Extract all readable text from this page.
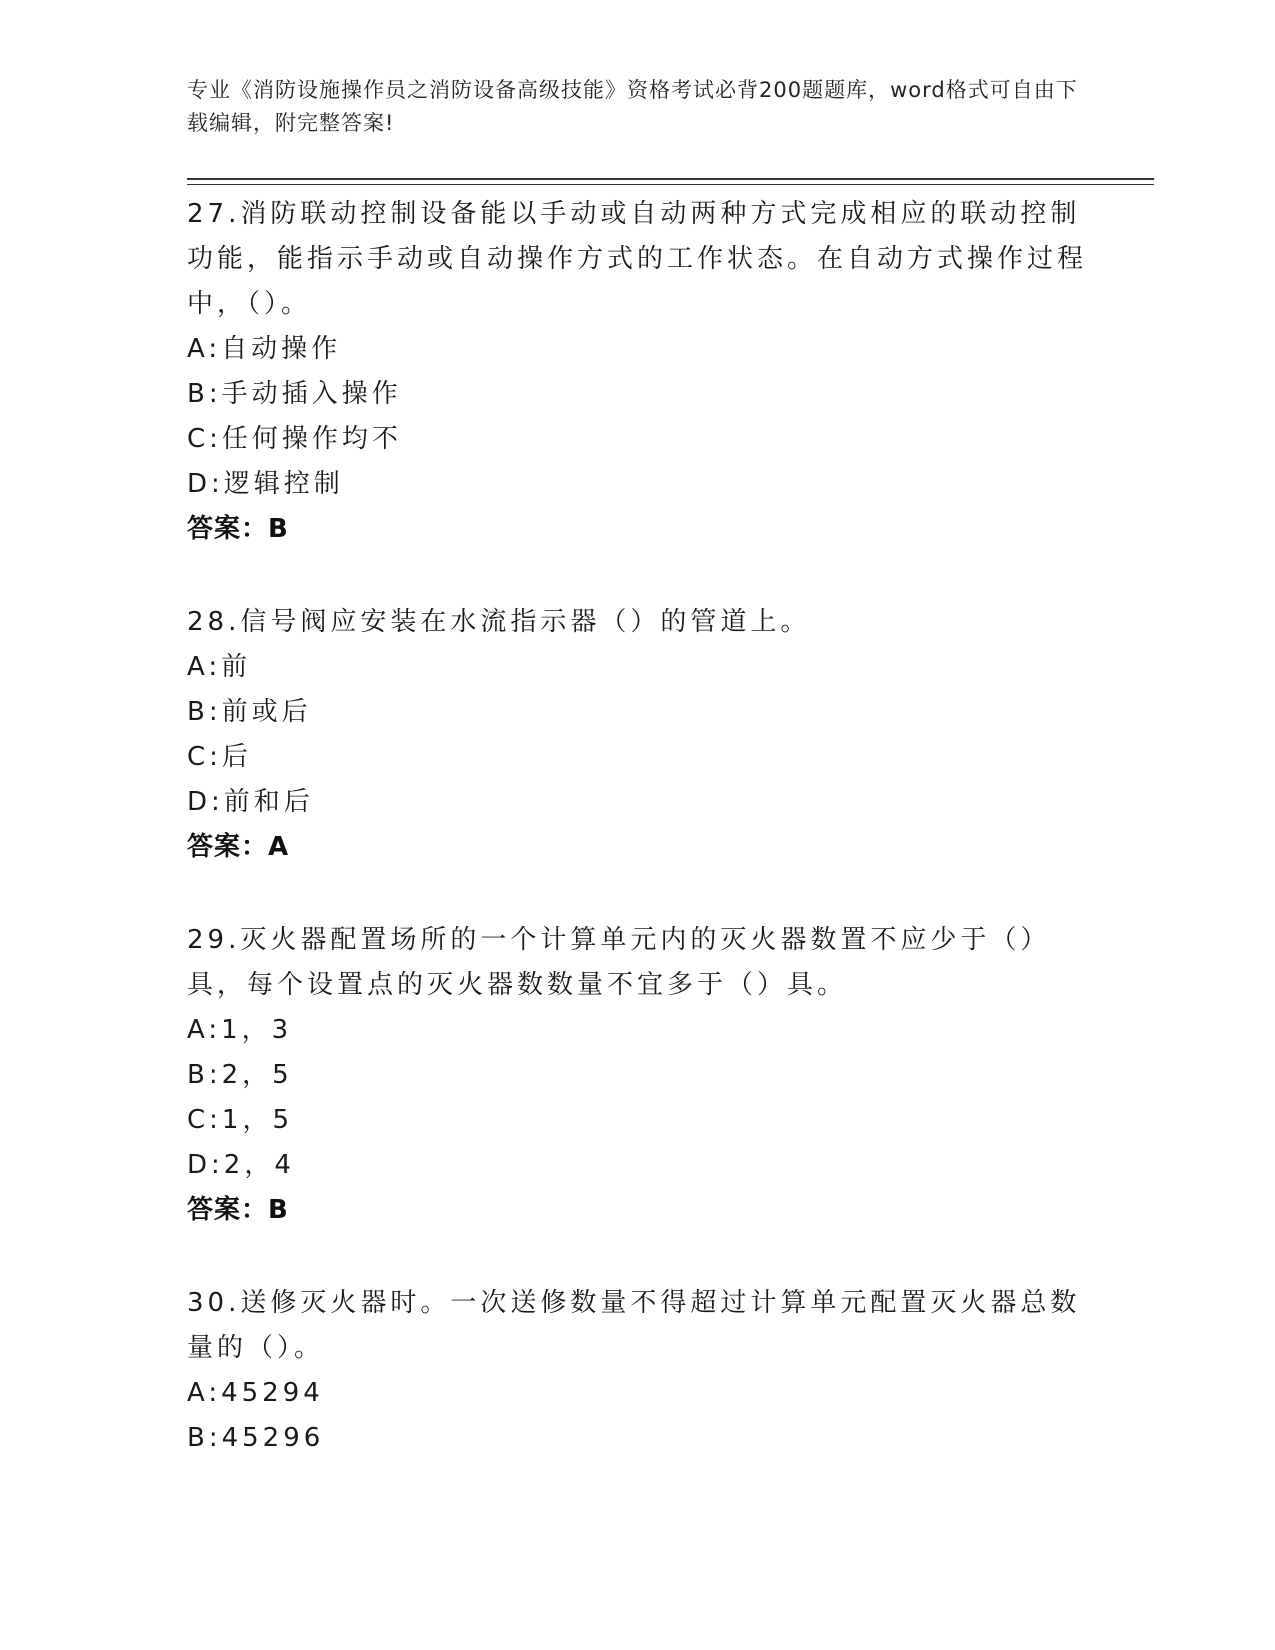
专业《消防设施操作员之消防设备高级技能》资格考试必背200题题库，word格式可自由下载编辑，附完整答案!
27.消防联动控制设备能以手动或自动两种方式完成相应的联动控制功能，能指示手动或自动操作方式的工作状态。在自动方式操作过程中，（）。
A:自动操作
B:手动插入操作
C:任何操作均不
D:逻辑控制
答案：B
28.信号阀应安装在水流指示器（）的管道上。
A:前
B:前或后
C:后
D:前和后
答案：A
29.灭火器配置场所的一个计算单元内的灭火器数置不应少于（）具，每个设置点的灭火器数数量不宜多于（）具。
A:1，3
B:2，5
C:1，5
D:2，4
答案：B
30.送修灭火器时。一次送修数量不得超过计算单元配置灭火器总数量的（）。
A:45294
B:45296
